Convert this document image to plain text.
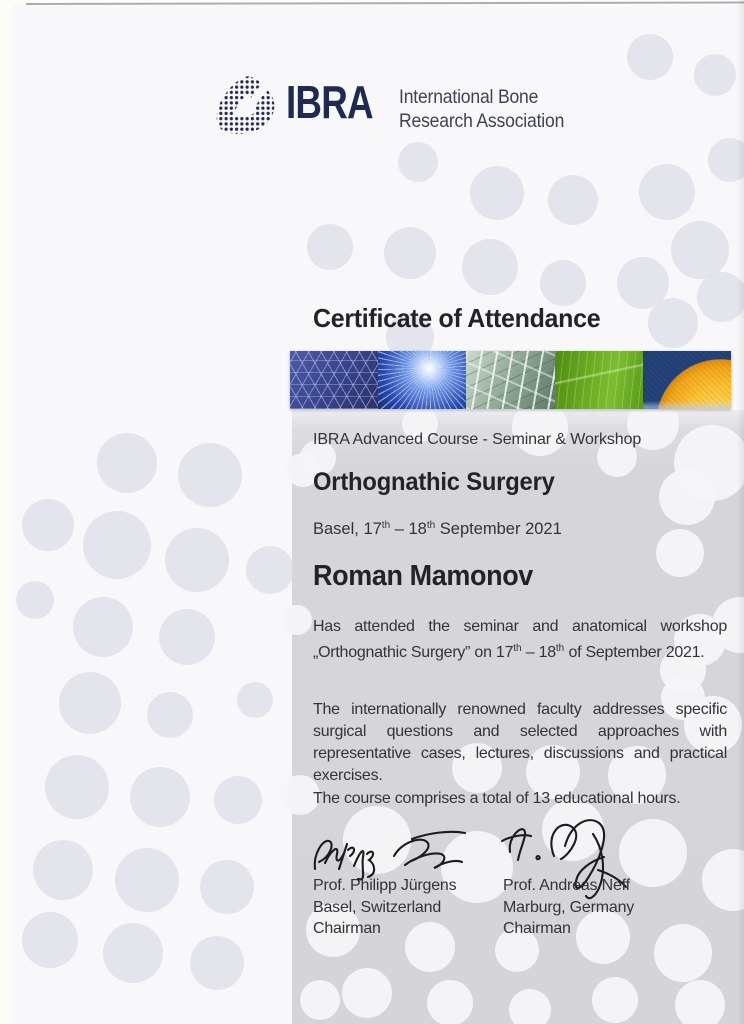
IBRA International Bone
Research Association
Certificate of Attendance
IBRA Advanced Course - Seminar & Workshop
Orthognathic Surgery
Basel, 17th – 18th September 2021
Roman Mamonov
Has attended the seminar and anatomical workshop „Orthognathic Surgery” on 17th – 18th of September 2021.
The internationally renowned faculty addresses specific surgical questions and selected approaches with representative cases, lectures, discussions and practical exercises.
The course comprises a total of 13 educational hours.
Prof. Philipp Jürgens
Basel, Switzerland
Chairman
Prof. Andreas Neff
Marburg, Germany
Chairman
